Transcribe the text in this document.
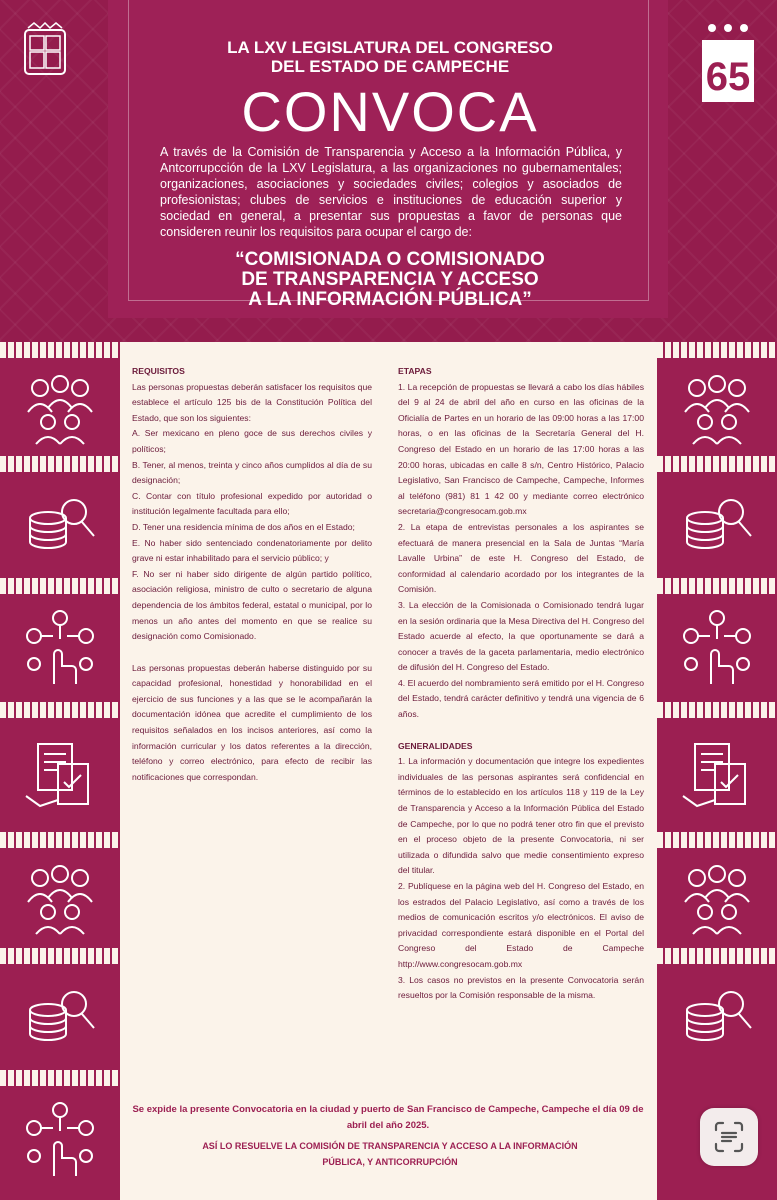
65
LA LXV LEGISLATURA DEL CONGRESO
DEL ESTADO DE CAMPECHE
CONVOCA
A través de la Comisión de Transparencia y Acceso a la Información Pública, y Antcorrupcción de la LXV Legislatura, a las organizaciones no gubernamentales; organizaciones, asociaciones y sociedades civiles; colegios y asociados de profesionistas; clubes de servicios e instituciones de educación superior y sociedad en general, a presentar sus propuestas a favor de personas que consideren reunir los requisitos para ocupar el cargo de:
“COMISIONADA O COMISIONADO
DE TRANSPARENCIA Y ACCESO
A LA INFORMACIÓN PÚBLICA”

REQUISITOS

Las personas propuestas deberán satisfacer los requisitos que establece el artículo 125 bis de la Constitución Política del Estado, que son los siguientes:

A. Ser mexicano en pleno goce de sus derechos civiles y políticos;

B. Tener, al menos, treinta y cinco años cumplidos al día de su designación;

C. Contar con título profesional expedido por autoridad o institución legalmente facultada para ello;

D. Tener una residencia mínima de dos años en el Estado;

E. No haber sido sentenciado condenatoriamente por delito grave ni estar inhabilitado para el servicio público; y

F. No ser ni haber sido dirigente de algún partido político, asociación religiosa, ministro de culto o secretario de alguna dependencia de los ámbitos federal, estatal o municipal, por lo menos un año antes del momento en que se realice su designación como Comisionado.

Las personas propuestas deberán haberse distinguido por su capacidad profesional, honestidad y honorabilidad en el ejercicio de sus funciones y a las que se le acompañarán la documentación idónea que acredite el cumplimiento de los requisitos señalados en los incisos anteriores, así como la información curricular y los datos referentes a la dirección, teléfono y correo electrónico, para efecto de recibir las notificaciones que correspondan.

ETAPAS

1. La recepción de propuestas se llevará a cabo los días hábiles del 9 al 24 de abril del año en curso en las oficinas de la Oficialía de Partes en un horario de las 09:00 horas a las 17:00 horas, o en las oficinas de la Secretaría General del H. Congreso del Estado en un horario de las 17:00 horas a las 20:00 horas, ubicadas en calle 8 s/n, Centro Histórico, Palacio Legislativo, San Francisco de Campeche, Campeche, Informes al teléfono (981) 81 1 42 00 y mediante correo electrónico secretaria@congresocam.gob.mx

2. La etapa de entrevistas personales a los aspirantes se efectuará de manera presencial en la Sala de Juntas “María Lavalle Urbina” de este H. Congreso del Estado, de conformidad al calendario acordado por los integrantes de la Comisión.

3. La elección de la Comisionada o Comisionado tendrá lugar en la sesión ordinaria que la Mesa Directiva del H. Congreso del Estado acuerde al efecto, la que oportunamente se dará a conocer a través de la gaceta parlamentaria, medio electrónico de difusión del H. Congreso del Estado.

4. El acuerdo del nombramiento será emitido por el H. Congreso del Estado, tendrá carácter definitivo y tendrá una vigencia de 6 años.

GENERALIDADES

1. La información y documentación que integre los expedientes individuales de las personas aspirantes será confidencial en términos de lo establecido en los artículos 118 y 119 de la Ley de Transparencia y Acceso a la Información Pública del Estado de Campeche, por lo que no podrá tener otro fin que el previsto en el proceso objeto de la presente Convocatoria, ni ser utilizada o difundida salvo que medie consentimiento expreso del titular.

2. Publíquese en la página web del H. Congreso del Estado, en los estrados del Palacio Legislativo, así como a través de los medios de comunicación escritos y/o electrónicos. El aviso de privacidad correspondiente estará disponible en el Portal del Congreso del Estado de Campeche http://www.congresocam.gob.mx

3. Los casos no previstos en la presente Convocatoria serán resueltos por la Comisión responsable de la misma.

Se expide la presente Convocatoria en la ciudad y puerto de San Francisco de Campeche, Campeche el día 09 de abril del año 2025.
ASÍ LO RESUELVE LA COMISIÓN DE TRANSPARENCIA Y ACCESO A LA INFORMACIÓN PÚBLICA, Y ANTICORRUPCIÓN
